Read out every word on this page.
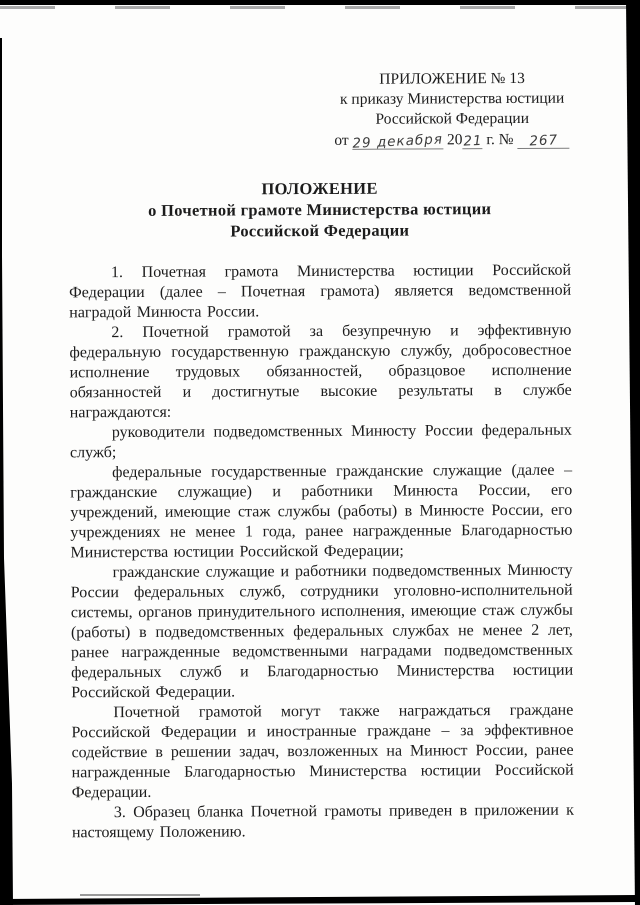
ПРИЛОЖЕНИЕ № 13
к приказу Министерства юстиции
Российской Федерации
от 29 декабря 2021 г. № 267
ПОЛОЖЕНИЕ
о Почетной грамоте Министерства юстиции
Российской Федерации

1. Почетная грамота Министерства юстиции Российской Федерации (далее – Почетная грамота) является ведомственной наградой Минюста России.

2. Почетной грамотой за безупречную и эффективную федеральную государственную гражданскую службу, добросовестное исполнение трудовых обязанностей, образцовое исполнение обязанностей и достигнутые высокие результаты в службе награждаются:

руководители подведомственных Минюсту России федеральных служб;

федеральные государственные гражданские служащие (далее – гражданские служащие) и работники Минюста России, его учреждений, имеющие стаж службы (работы) в Минюсте России, его учреждениях не менее 1 года, ранее награжденные Благодарностью Министерства юстиции Российской Федерации;

гражданские служащие и работники подведомственных Минюсту России федеральных служб, сотрудники уголовно-исполнительной системы, органов принудительного исполнения, имеющие стаж службы (работы) в подведомственных федеральных службах не менее 2 лет, ранее награжденные ведомственными наградами подведомственных федеральных служб и Благодарностью Министерства юстиции Российской Федерации.

Почетной грамотой могут также награждаться граждане Российской Федерации и иностранные граждане – за эффективное содействие в решении задач, возложенных на Минюст России, ранее награжденные Благодарностью Министерства юстиции Российской Федерации.

3. Образец бланка Почетной грамоты приведен в приложении к настоящему Положению.
